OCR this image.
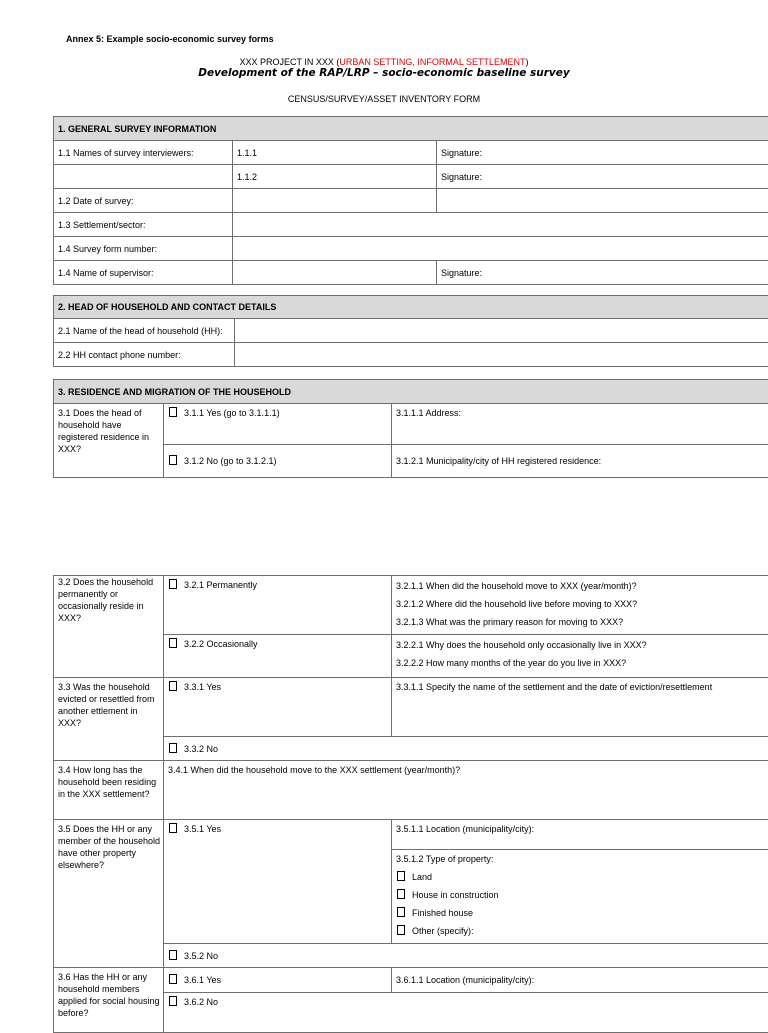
Annex 5: Example socio-economic survey forms
XXX PROJECT IN XXX (URBAN SETTING, INFORMAL SETTLEMENT)
Development of the RAP/LRP – socio-economic baseline survey
CENSUS/SURVEY/ASSET INVENTORY FORM
1. GENERAL SURVEY INFORMATION		
1.1 Names of survey interviewers:	1.1.1	Signature:
	1.1.2	Signature:
1.2 Date of survey:		
1.3 Settlement/sector:		
1.4 Survey form number:		
1.4 Name of supervisor:		Signature:
2. HEAD OF HOUSEHOLD AND CONTACT DETAILS	
2.1 Name of the head of household (HH):	
2.2 HH contact phone number:	
3. RESIDENCE AND MIGRATION OF THE HOUSEHOLD		
3.1 Does the head of household have registered residence in XXX?	3.1.1 Yes (go to 3.1.1.1)	3.1.1.1 Address:
	3.1.2 No (go to 3.1.2.1)	3.1.2.1 Municipality/city of HH registered residence:
3.2 Does the household permanently or occasionally reside in XXX?	3.2.1 Permanently	3.2.1.1 When did the household move to XXX (year/month)?
3.2.1.2 Where did the household live before moving to XXX?
3.2.1.3 What was the primary reason for moving to XXX?

	3.2.2 Occasionally	3.2.2.1 Why does the household only occasionally live in XXX?
3.2.2.2 How many months of the year do you live in XXX?

3.3 Was the household evicted or resettled from another ettlement in XXX?	3.3.1 Yes	3.3.1.1 Specify the name of the settlement and the date of eviction/resettlement
	3.3.2 No	
3.4 How long has the household been residing in the XXX settlement?	3.4.1 When did the household move to the XXX settlement (year/month)?	
3.5 Does the HH or any member of the household have other property elsewhere?	3.5.1 Yes	3.5.1.1 Location (municipality/city):

		3.5.1.2 Type of property:
Land
House in construction
Finished house
Other (specify):

	3.5.2 No	
3.6 Has the HH or any household members applied for social housing before?	3.6.1 Yes	3.6.1.1 Location (municipality/city):
	3.6.2 No	
